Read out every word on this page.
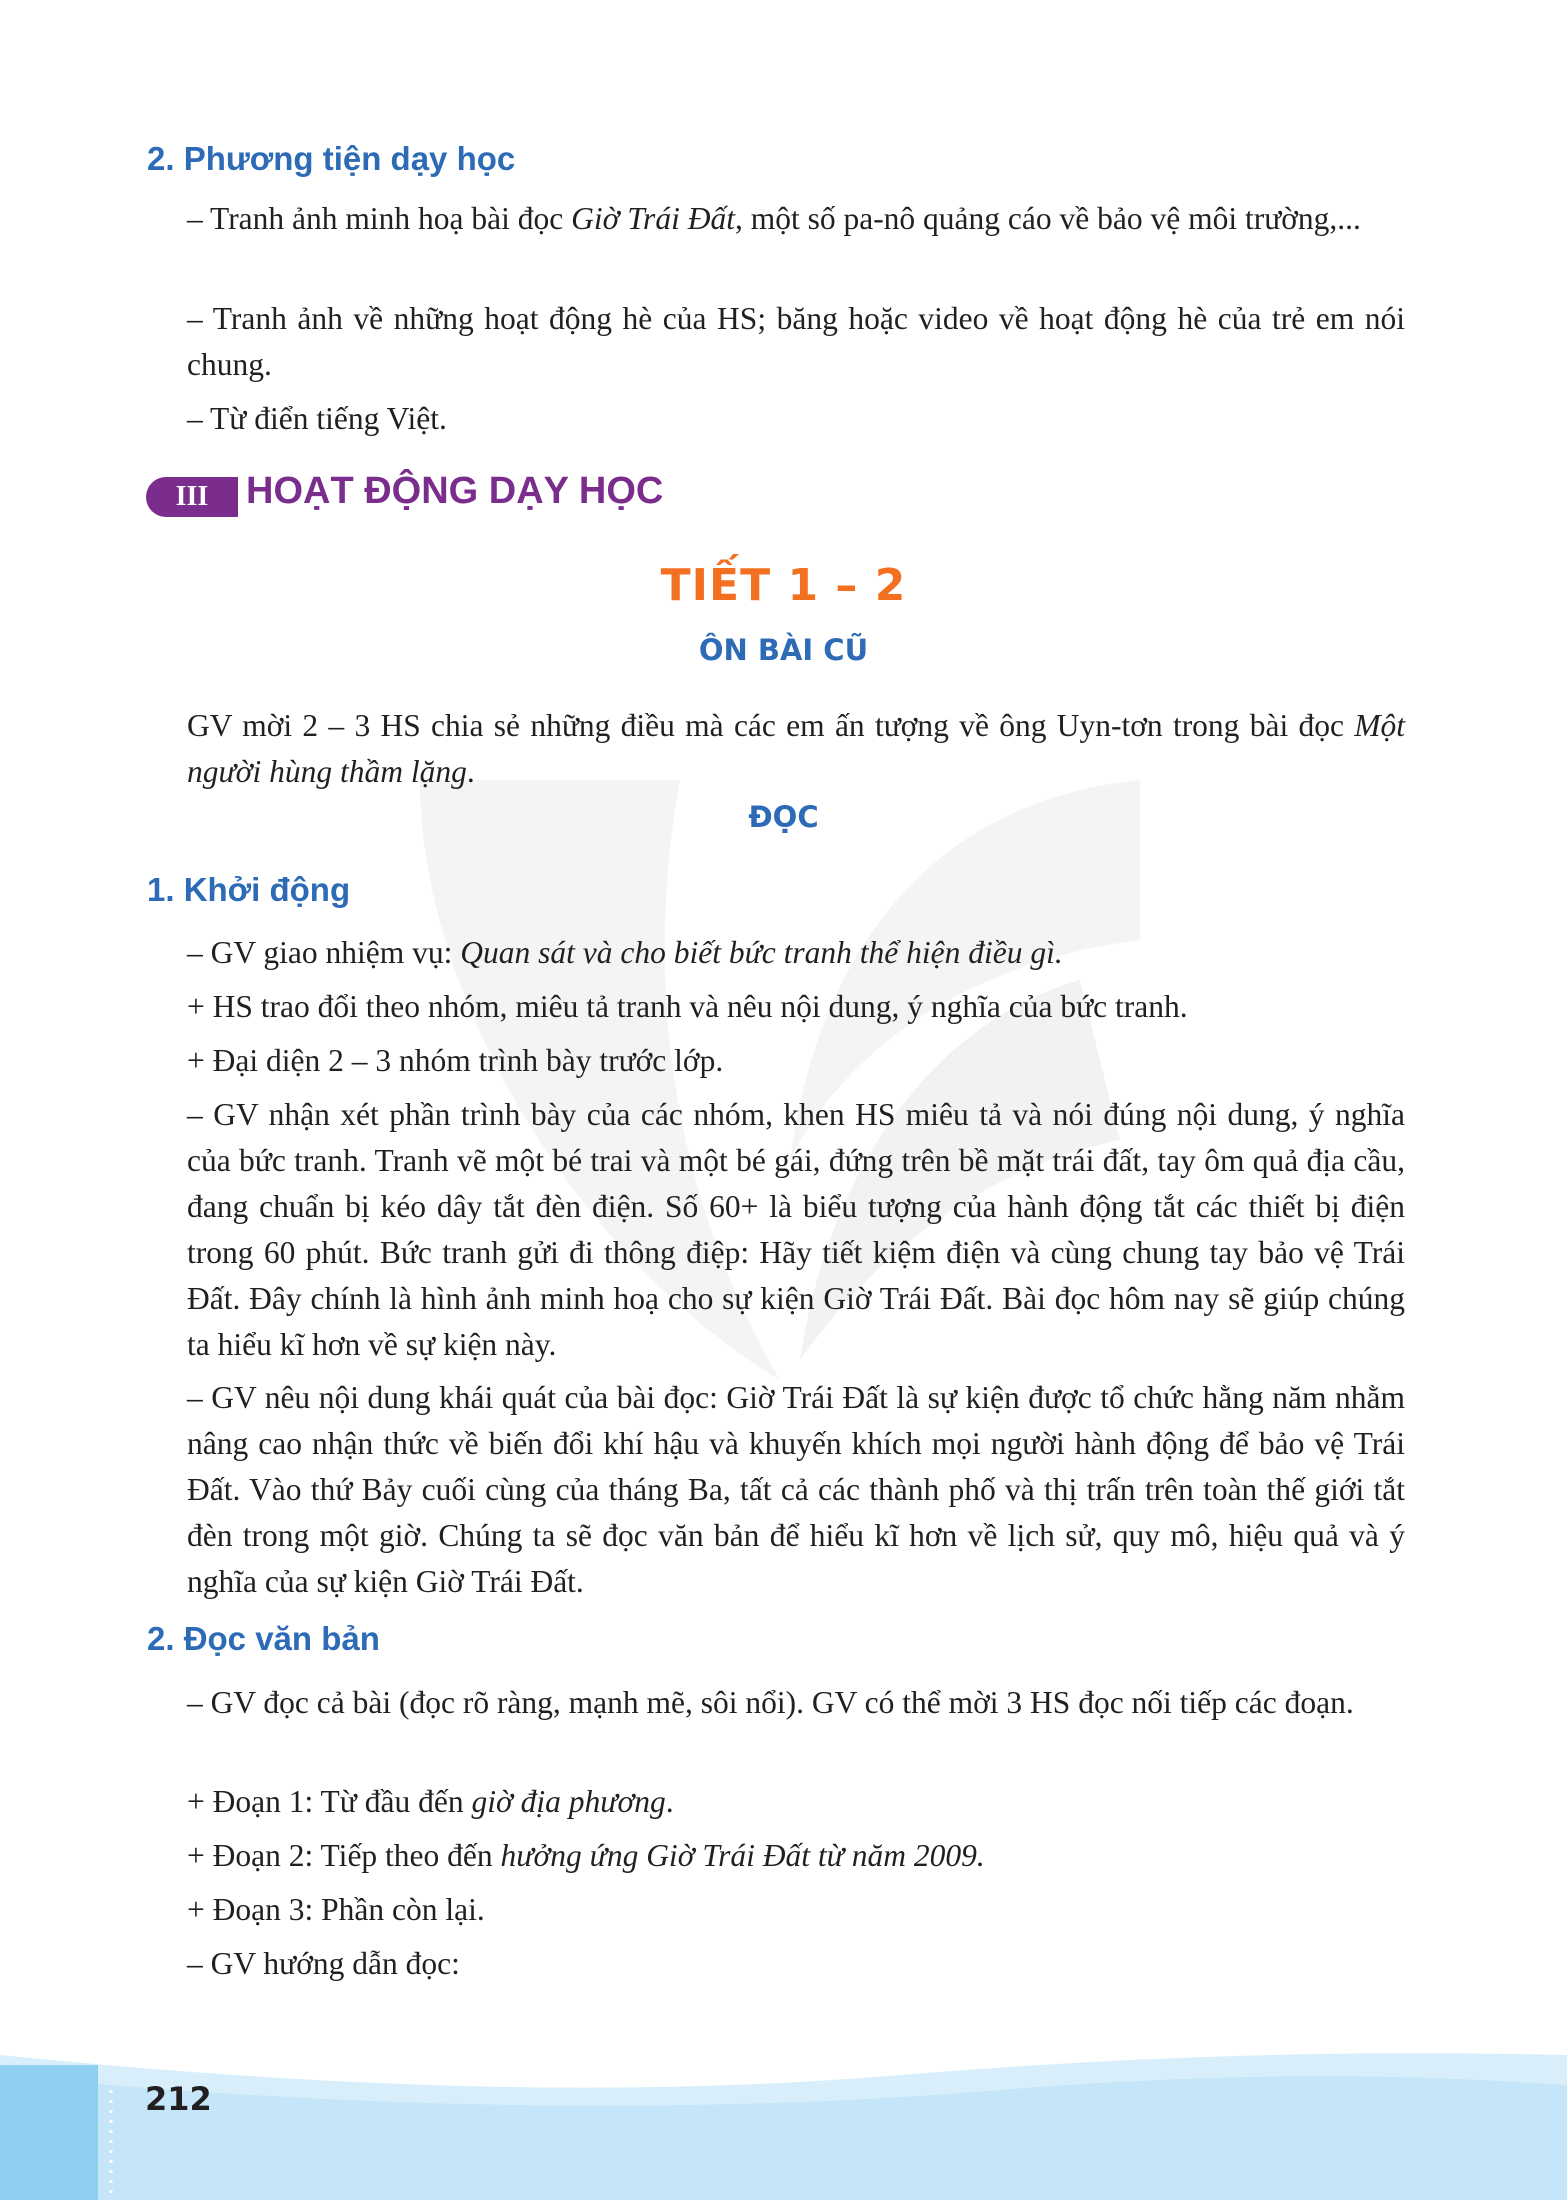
2. Phương tiện dạy học
– Tranh ảnh minh hoạ bài đọc Giờ Trái Đất, một số pa-nô quảng cáo về bảo vệ môi trường,...
– Tranh ảnh về những hoạt động hè của HS; băng hoặc video về hoạt động hè của trẻ em nói chung.
– Từ điển tiếng Việt.
III HOẠT ĐỘNG DẠY HỌC
TIẾT 1 – 2
ÔN BÀI CŨ
GV mời 2 – 3 HS chia sẻ những điều mà các em ấn tượng về ông Uyn-tơn trong bài đọc Một người hùng thầm lặng.
ĐỌC
1. Khởi động
– GV giao nhiệm vụ: Quan sát và cho biết bức tranh thể hiện điều gì.
+ HS trao đổi theo nhóm, miêu tả tranh và nêu nội dung, ý nghĩa của bức tranh.
+ Đại diện 2 – 3 nhóm trình bày trước lớp.
– GV nhận xét phần trình bày của các nhóm, khen HS miêu tả và nói đúng nội dung, ý nghĩa của bức tranh. Tranh vẽ một bé trai và một bé gái, đứng trên bề mặt trái đất, tay ôm quả địa cầu, đang chuẩn bị kéo dây tắt đèn điện. Số 60+ là biểu tượng của hành động tắt các thiết bị điện trong 60 phút. Bức tranh gửi đi thông điệp: Hãy tiết kiệm điện và cùng chung tay bảo vệ Trái Đất. Đây chính là hình ảnh minh hoạ cho sự kiện Giờ Trái Đất. Bài đọc hôm nay sẽ giúp chúng ta hiểu kĩ hơn về sự kiện này.
– GV nêu nội dung khái quát của bài đọc: Giờ Trái Đất là sự kiện được tổ chức hằng năm nhằm nâng cao nhận thức về biến đổi khí hậu và khuyến khích mọi người hành động để bảo vệ Trái Đất. Vào thứ Bảy cuối cùng của tháng Ba, tất cả các thành phố và thị trấn trên toàn thế giới tắt đèn trong một giờ. Chúng ta sẽ đọc văn bản để hiểu kĩ hơn về lịch sử, quy mô, hiệu quả và ý nghĩa của sự kiện Giờ Trái Đất.
2. Đọc văn bản
– GV đọc cả bài (đọc rõ ràng, mạnh mẽ, sôi nổi). GV có thể mời 3 HS đọc nối tiếp các đoạn.
+ Đoạn 1: Từ đầu đến giờ địa phương.
+ Đoạn 2: Tiếp theo đến hưởng ứng Giờ Trái Đất từ năm 2009.
+ Đoạn 3: Phần còn lại.
– GV hướng dẫn đọc:
212
